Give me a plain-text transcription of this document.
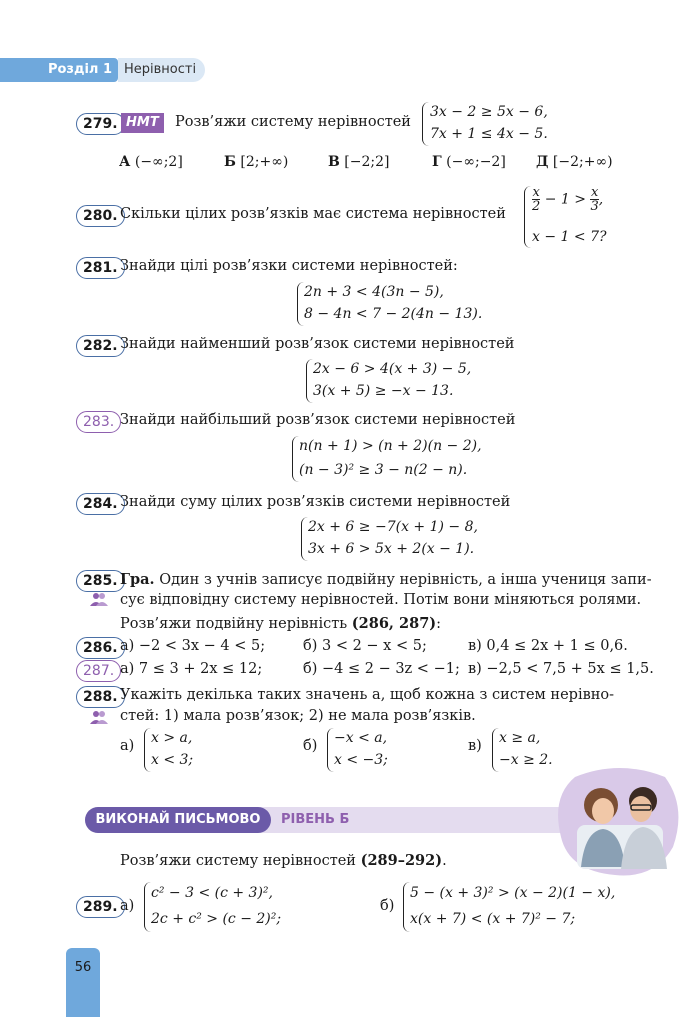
Розділ 1 Нерівності
279. НМТ	Розв’яжи систему нерівностей
3x − 2 ≥ 5x − 6,
7x + 1 ≤ 4x − 5.
А (−∞;2]	Б [2;+∞)	В [−2;2]	Г (−∞;−2] Д [−2;+∞)
280. Скільки цілих розв’язків має система нерівностей
$\frac{x}{2} - 1 > \frac{x}{3}$ ,
x − 1 < 7?
281. Знайди цілі розв’язки системи нерівностей:
2n + 3 < 4(3n − 5),
8 − 4n < 7 − 2(4n − 13).
282. Знайди найменший розв’язок системи нерівностей
2x − 6 > 4(x + 3) − 5,
3(x + 5) ≥ −x − 13.
283. Знайди найбільший розв’язок системи нерівностей
n(n + 1) > (n + 2)(n − 2),
(n − 3)² ≥ 3 − n(2 − n).
284. Знайди суму цілих розв’язків системи нерівностей
2x + 6 ≥ −7(x + 1) − 8,
3x + 6 > 5x + 2(x − 1).
285. Гра. Один з учнів записує подвійну нерівність, а інша учениця запи-
сує відповідну систему нерівностей. Потім вони міняються ролями.
Розв’яжи подвійну нерівність (286, 287):
286. а) −2 < 3x − 4 < 5;	б) 3 < 2 − x < 5;	в) 0,4 ≤ 2x + 1 ≤ 0,6.
287. а) 7 ≤ 3 + 2x ≤ 12;	б) −4 ≤ 2 − 3z < −1; в) −2,5 < 7,5 + 5x ≤ 1,5.
288. Укажіть декілька таких значень a, щоб кожна з систем нерівно-
стей: 1) мала розв’язок; 2) не мала розв’язків.
а) x > a,
x < 3;
б) −x < a,
x < −3;
в) x ≥ a,
−x ≥ 2.
ВИКОНАЙ ПИСЬМОВО	РІВЕНЬ Б
Розв’яжи систему нерівностей (289–292).
289. а)
c² − 3 < (c + 3)²,
2c + c² > (c − 2)²;
б)
5 − (x + 3)² > (x − 2)(1 − x),
x(x + 7) < (x + 7)² − 7;
56
